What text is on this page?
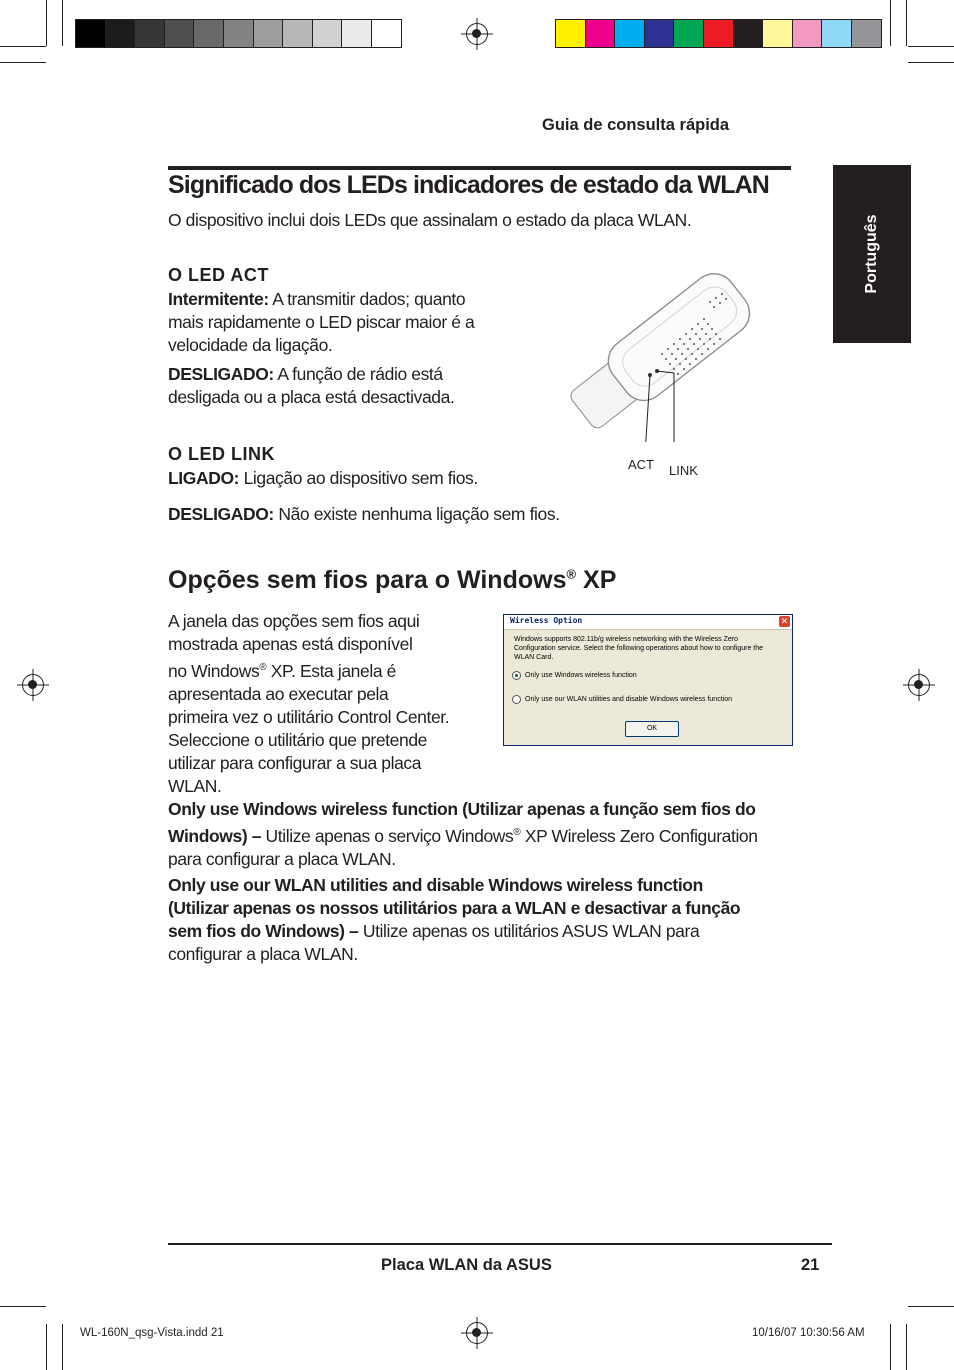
Guia de consulta rápida
Português
Significado dos LEDs indicadores de estado da WLAN
O dispositivo inclui dois LEDs que assinalam o estado da placa WLAN.
O LED ACT
Intermitente: A transmitir dados; quanto
mais rapidamente o LED piscar maior é a
velocidade da ligação.
DESLIGADO: A função de rádio está
desligada ou a placa está desactivada.
O LED LINK
LIGADO: Ligação ao dispositivo sem fios.
DESLIGADO: Não existe nenhuma ligação sem fios.
ACT LINK
Opções sem fios para o Windows® XP
A janela das opções sem fios aqui
mostrada apenas está disponível
no Windows® XP. Esta janela é
apresentada ao executar pela
primeira vez o utilitário Control Center.
Seleccione o utilitário que pretende
utilizar para configurar a sua placa
WLAN.
Wireless Option	✕
Windows supports 802.11b/g wireless networking with the Wireless Zero Configuration service. Select the following operations about how to configure the WLAN Card.
Only use Windows wireless function
Only use our WLAN utilities and disable Windows wireless function
OK
Only use Windows wireless function (Utilizar apenas a função sem fios do
Windows) – Utilize apenas o serviço Windows® XP Wireless Zero Configuration
para configurar a placa WLAN.
Only use our WLAN utilities and disable Windows wireless function
(Utilizar apenas os nossos utilitários para a WLAN e desactivar a função
sem fios do Windows) – Utilize apenas os utilitários ASUS WLAN para
configurar a placa WLAN.
Placa WLAN da ASUS	21
WL-160N_qsg-Vista.indd 21	10/16/07 10:30:56 AM
